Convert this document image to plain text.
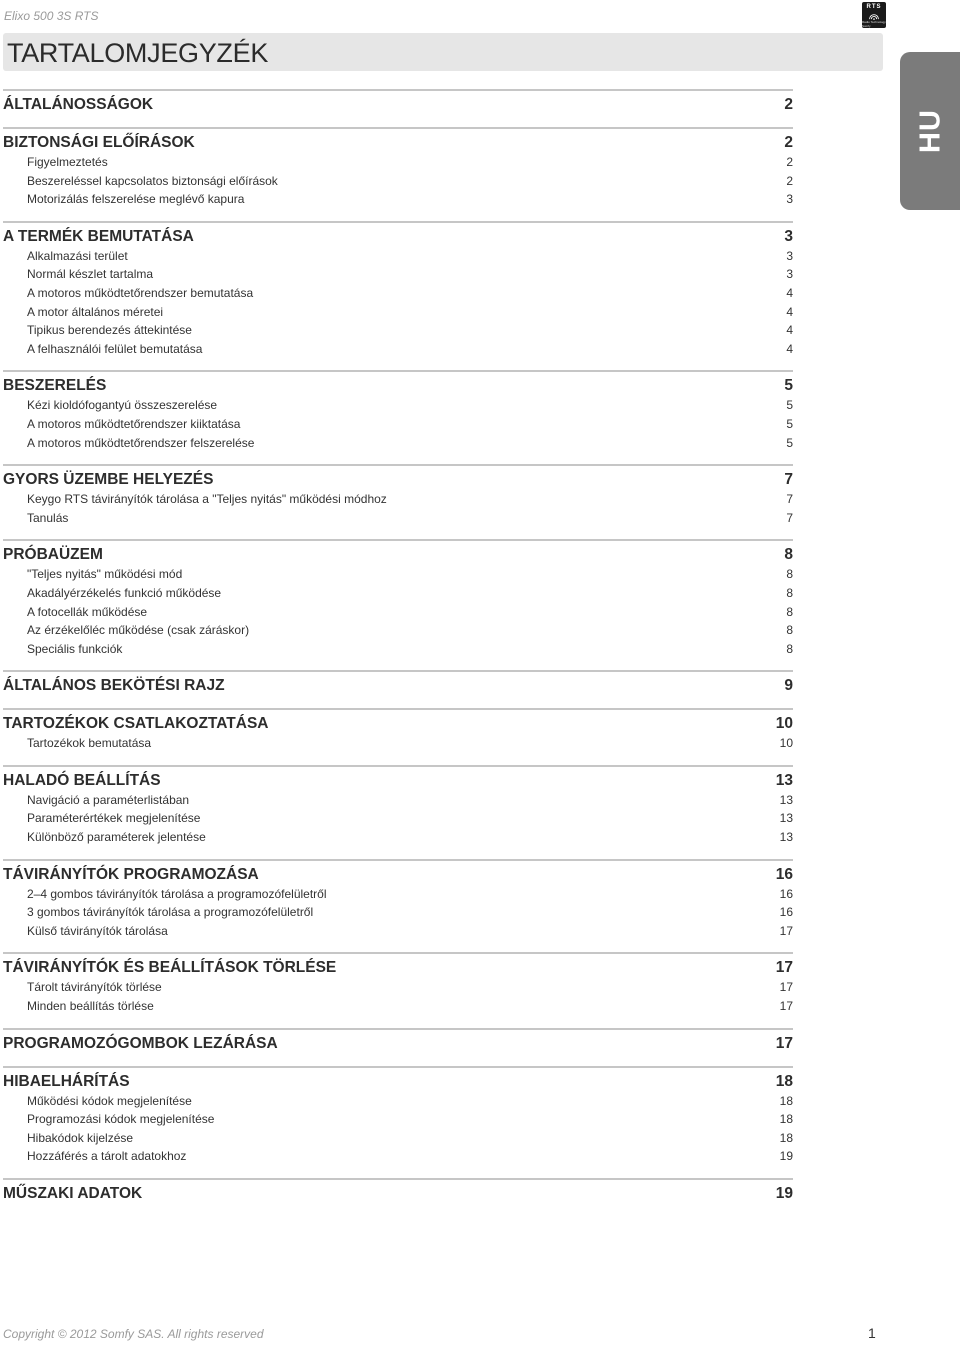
Elixo 500 3S RTS
RTS
Radio Technology Somfy
TARTALOMJEGYZÉK
HU
ÁLTALÁNOSSÁGOK	2
BIZTONSÁGI ELŐÍRÁSOK	2
Figyelmeztetés	2
Beszereléssel kapcsolatos biztonsági előírások	2
Motorizálás felszerelése meglévő kapura	3
A TERMÉK BEMUTATÁSA	3
Alkalmazási terület	3
Normál készlet tartalma	3
A motoros működtetőrendszer bemutatása	4
A motor általános méretei	4
Tipikus berendezés áttekintése	4
A felhasználói felület bemutatása	4
BESZERELÉS	5
Kézi kioldófogantyú összeszerelése	5
A motoros működtetőrendszer kiiktatása	5
A motoros működtetőrendszer felszerelése	5
GYORS ÜZEMBE HELYEZÉS	7
Keygo RTS távirányítók tárolása a "Teljes nyitás" működési módhoz	7
Tanulás	7
PRÓBAÜZEM	8
"Teljes nyitás" működési mód	8
Akadályérzékelés funkció működése	8
A fotocellák működése	8
Az érzékelőléc működése (csak záráskor)	8
Speciális funkciók	8
ÁLTALÁNOS BEKÖTÉSI RAJZ	9
TARTOZÉKOK CSATLAKOZTATÁSA	10
Tartozékok bemutatása	10
HALADÓ BEÁLLÍTÁS	13
Navigáció a paraméterlistában	13
Paraméterértékek megjelenítése	13
Különböző paraméterek jelentése	13
TÁVIRÁNYÍTÓK PROGRAMOZÁSA	16
2–4 gombos távirányítók tárolása a programozófelületről	16
3 gombos távirányítók tárolása a programozófelületről	16
Külső távirányítók tárolása	17
TÁVIRÁNYÍTÓK ÉS BEÁLLÍTÁSOK TÖRLÉSE	17
Tárolt távirányítók törlése	17
Minden beállítás törlése	17
PROGRAMOZÓGOMBOK LEZÁRÁSA	17
HIBAELHÁRÍTÁS	18
Működési kódok megjelenítése	18
Programozási kódok megjelenítése	18
Hibakódok kijelzése	18
Hozzáférés a tárolt adatokhoz	19
MŰSZAKI ADATOK	19
Copyright © 2012 Somfy SAS. All rights reserved	1
